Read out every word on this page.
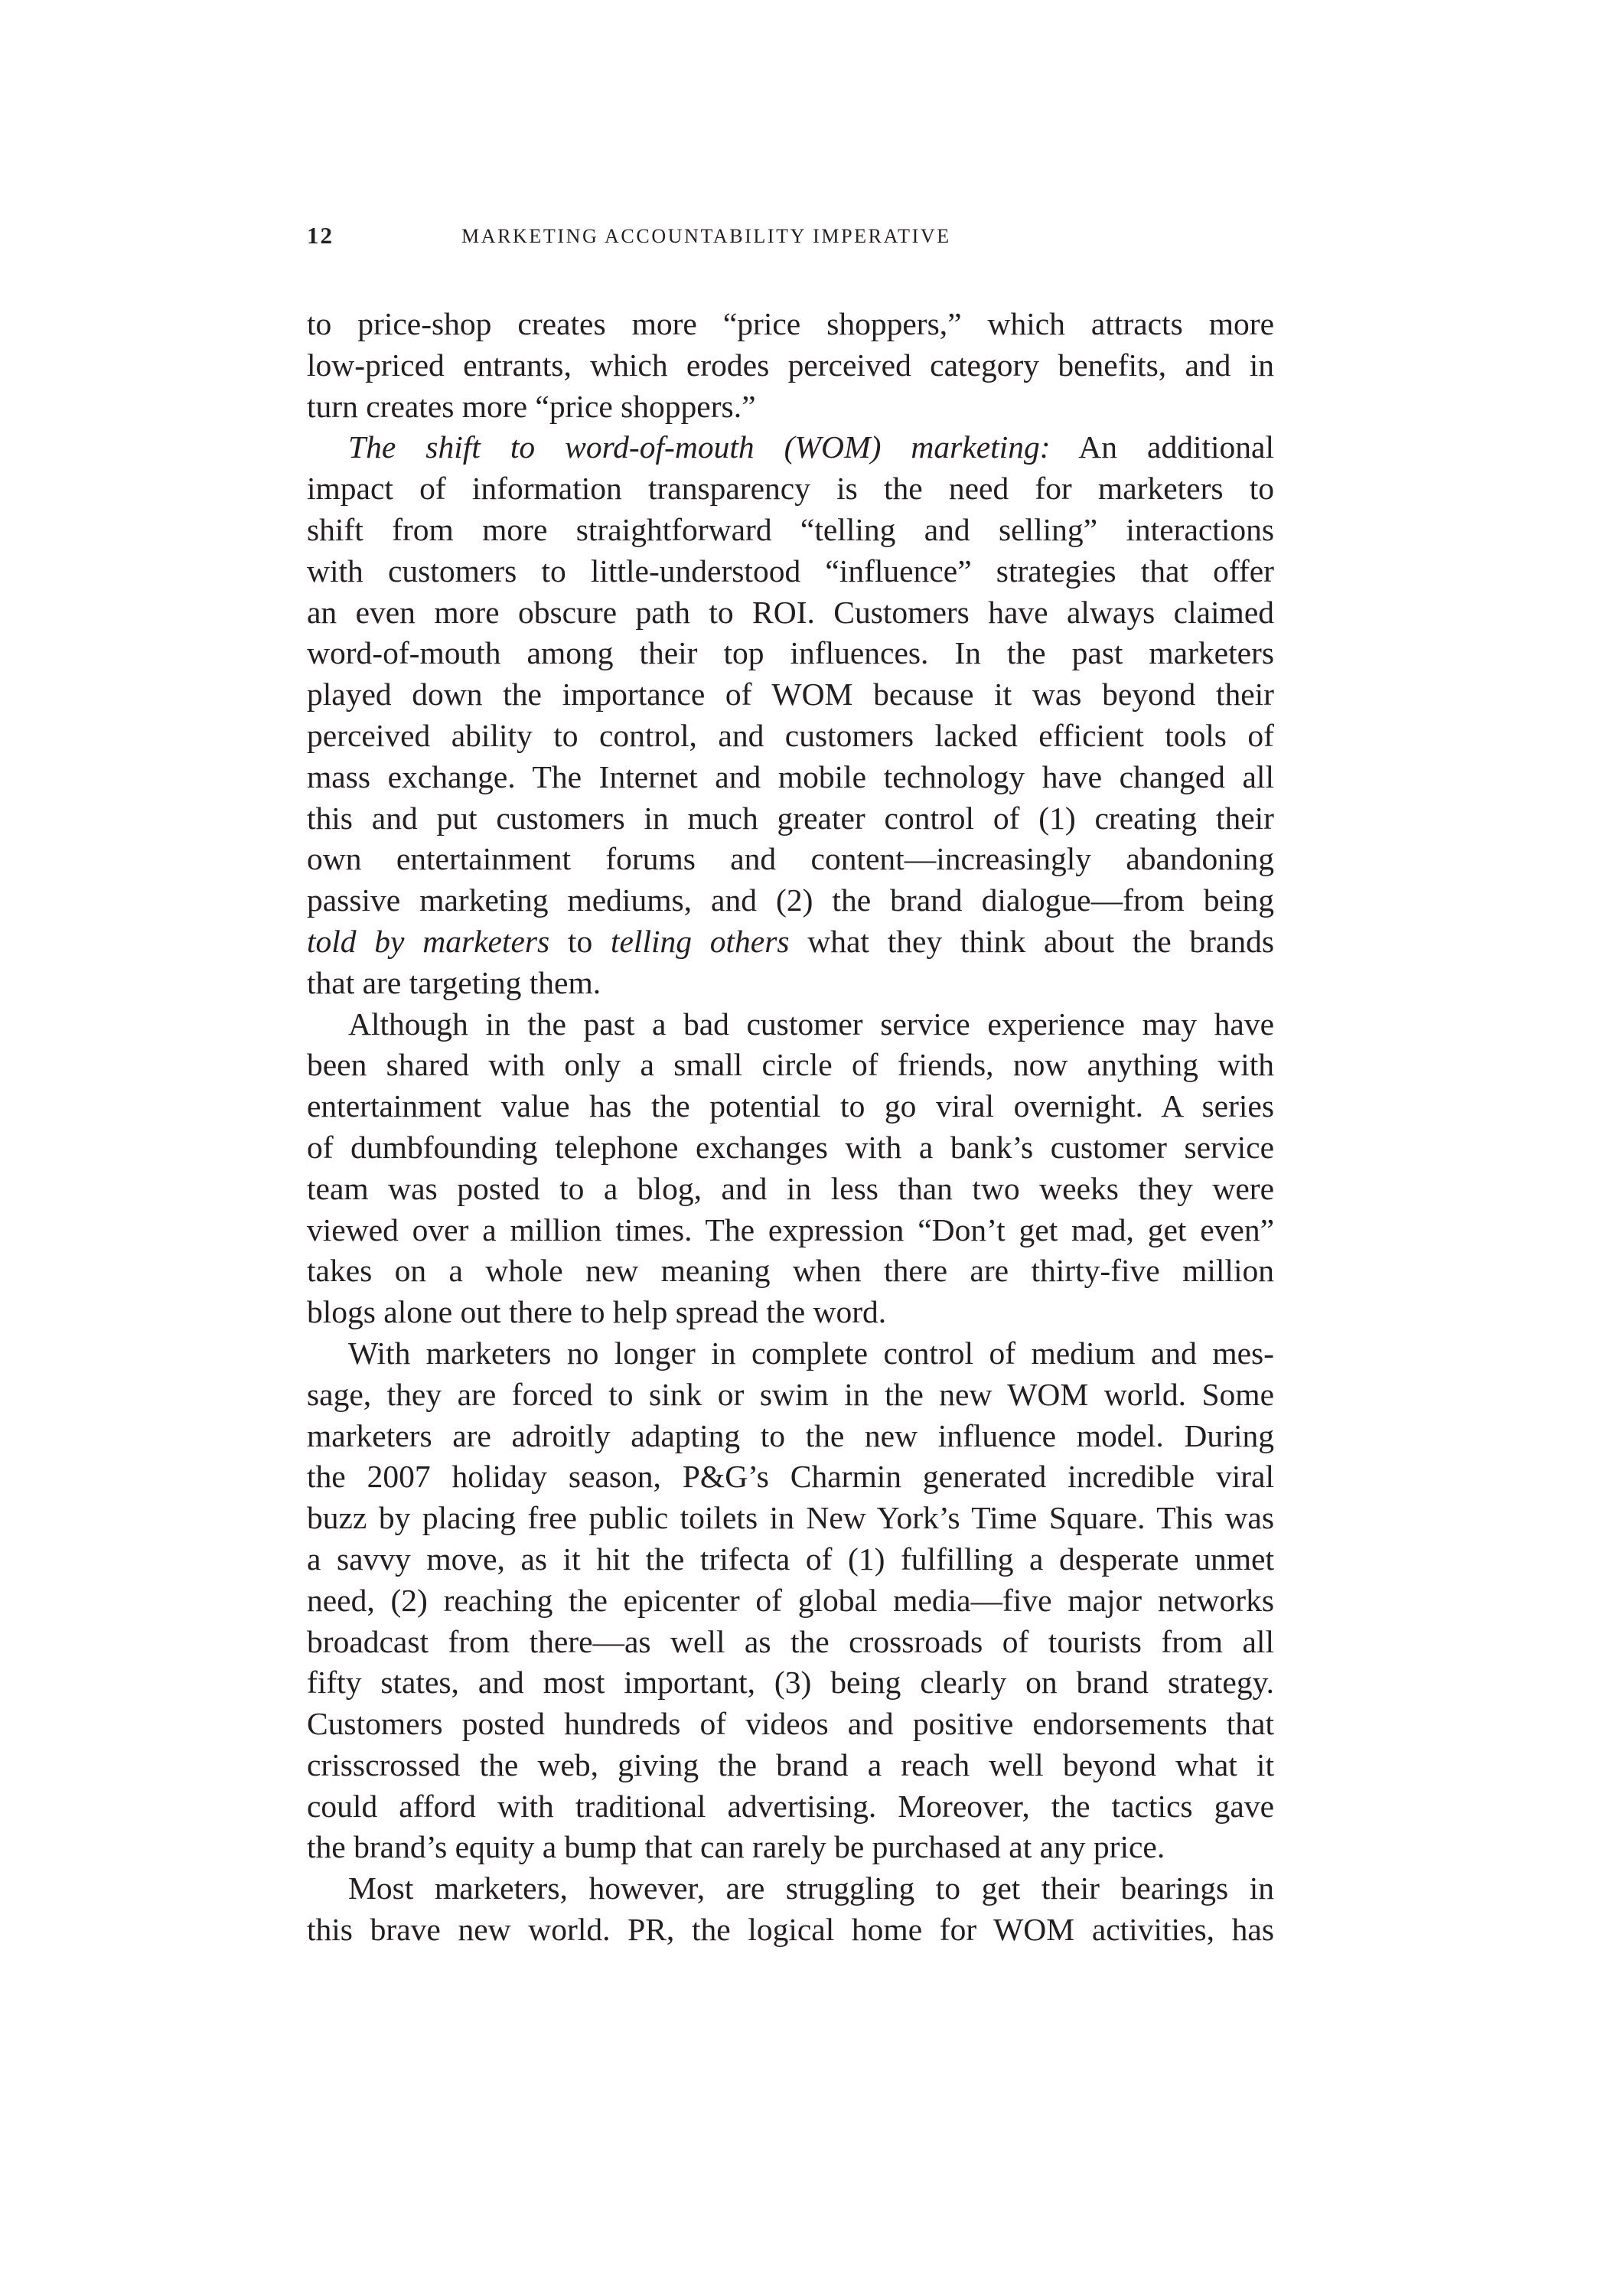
12	MARKETING ACCOUNTABILITY IMPERATIVE
to price-shop creates more “price shoppers,” which attracts more
low-priced entrants, which erodes perceived category benefits, and in
turn creates more “price shoppers.”
The shift to word-of-mouth (WOM) marketing: An additional
impact of information transparency is the need for marketers to
shift from more straightforward “telling and selling” interactions
with customers to little-understood “influence” strategies that offer
an even more obscure path to ROI. Customers have always claimed
word-of-mouth among their top influences. In the past marketers
played down the importance of WOM because it was beyond their
perceived ability to control, and customers lacked efficient tools of
mass exchange. The Internet and mobile technology have changed all
this and put customers in much greater control of (1) creating their
own entertainment forums and content—increasingly abandoning
passive marketing mediums, and (2) the brand dialogue—from being
told by marketers to telling others what they think about the brands
that are targeting them.
Although in the past a bad customer service experience may have
been shared with only a small circle of friends, now anything with
entertainment value has the potential to go viral overnight. A series
of dumbfounding telephone exchanges with a bank’s customer service
team was posted to a blog, and in less than two weeks they were
viewed over a million times. The expression “Don’t get mad, get even”
takes on a whole new meaning when there are thirty-five million
blogs alone out there to help spread the word.
With marketers no longer in complete control of medium and mes-
sage, they are forced to sink or swim in the new WOM world. Some
marketers are adroitly adapting to the new influence model. During
the 2007 holiday season, P&G’s Charmin generated incredible viral
buzz by placing free public toilets in New York’s Time Square. This was
a savvy move, as it hit the trifecta of (1) fulfilling a desperate unmet
need, (2) reaching the epicenter of global media—five major networks
broadcast from there—as well as the crossroads of tourists from all
fifty states, and most important, (3) being clearly on brand strategy.
Customers posted hundreds of videos and positive endorsements that
crisscrossed the web, giving the brand a reach well beyond what it
could afford with traditional advertising. Moreover, the tactics gave
the brand’s equity a bump that can rarely be purchased at any price.
Most marketers, however, are struggling to get their bearings in
this brave new world. PR, the logical home for WOM activities, has
